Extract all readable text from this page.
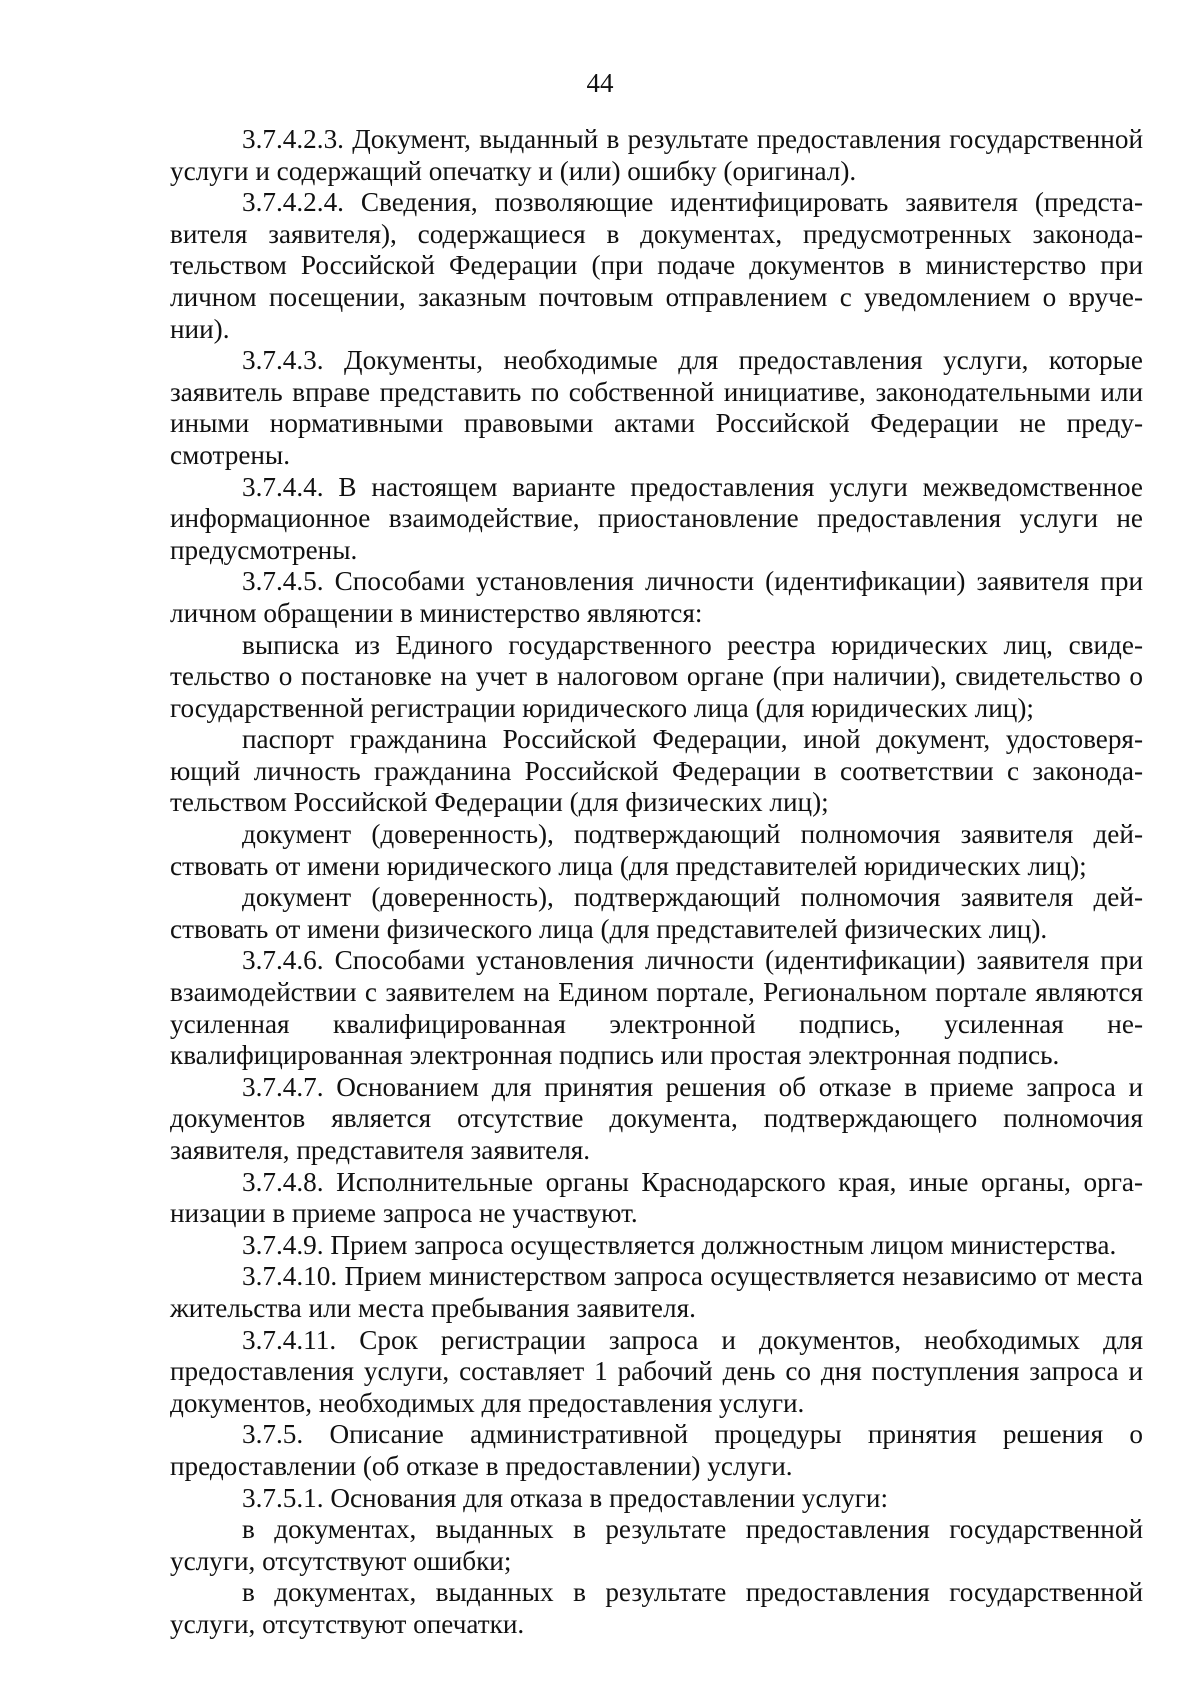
44

3.7.4.2.3. Документ, выданный в результате предоставления государственной услуги и содержащий опечатку и (или) ошибку (оригинал).

3.7.4.2.4. Сведения, позволяющие идентифицировать заявителя (представителя заявителя), содержащиеся в документах, предусмотренных законодательством Российской Федерации (при подаче документов в министерство при личном посещении, заказным почтовым отправлением с уведомлением о вручении).

3.7.4.3. Документы, необходимые для предоставления услуги, которые заявитель вправе представить по собственной инициативе, законодательными или иными нормативными правовыми актами Российской Федерации не предусмотрены.

3.7.4.4. В настоящем варианте предоставления услуги межведомственное информационное взаимодействие, приостановление предоставления услуги не предусмотрены.

3.7.4.5. Способами установления личности (идентификации) заявителя при личном обращении в министерство являются:

выписка из Единого государственного реестра юридических лиц, свидетельство о постановке на учет в налоговом органе (при наличии), свидетельство о государственной регистрации юридического лица (для юридических лиц);

паспорт гражданина Российской Федерации, иной документ, удостоверяющий личность гражданина Российской Федерации в соответствии с законодательством Российской Федерации (для физических лиц);

документ (доверенность), подтверждающий полномочия заявителя действовать от имени юридического лица (для представителей юридических лиц);

документ (доверенность), подтверждающий полномочия заявителя действовать от имени физического лица (для представителей физических лиц).

3.7.4.6. Способами установления личности (идентификации) заявителя при взаимодействии с заявителем на Едином портале, Региональном портале являются усиленная квалифицированная электронной подпись, усиленная неквалифицированная электронная подпись или простая электронная подпись.

3.7.4.7. Основанием для принятия решения об отказе в приеме запроса и документов является отсутствие документа, подтверждающего полномочия заявителя, представителя заявителя.

3.7.4.8. Исполнительные органы Краснодарского края, иные органы, организации в приеме запроса не участвуют.

3.7.4.9. Прием запроса осуществляется должностным лицом министерства.

3.7.4.10. Прием министерством запроса осуществляется независимо от места жительства или места пребывания заявителя.

3.7.4.11. Срок регистрации запроса и документов, необходимых для предоставления услуги, составляет 1 рабочий день со дня поступления запроса и документов, необходимых для предоставления услуги.

3.7.5. Описание административной процедуры принятия решения о предоставлении (об отказе в предоставлении) услуги.

3.7.5.1. Основания для отказа в предоставлении услуги:

в документах, выданных в результате предоставления государственной услуги, отсутствуют ошибки;

в документах, выданных в результате предоставления государственной услуги, отсутствуют опечатки.
